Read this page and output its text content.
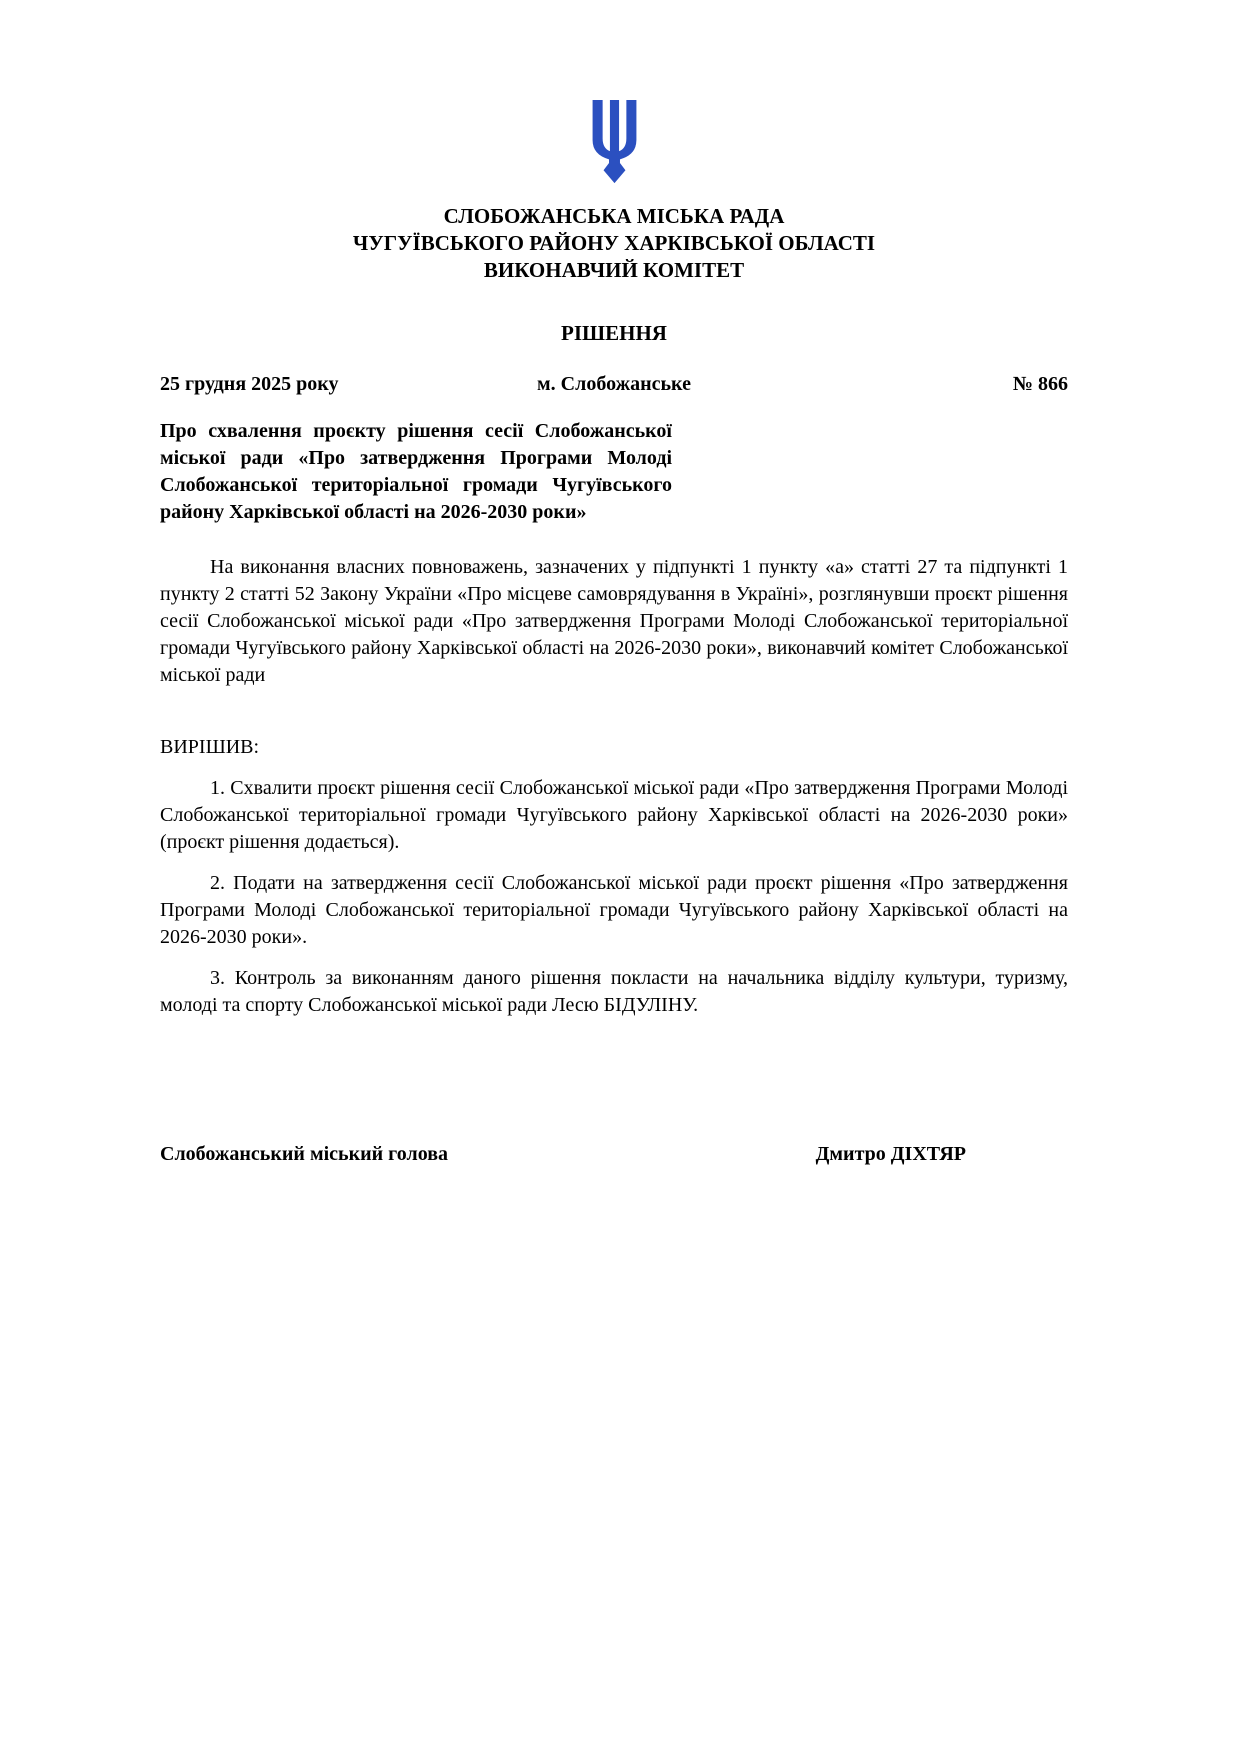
СЛОБОЖАНСЬКА МІСЬКА РАДА
ЧУГУЇВСЬКОГО РАЙОНУ ХАРКІВСЬКОЇ ОБЛАСТІ
ВИКОНАВЧИЙ КОМІТЕТ
РІШЕННЯ
25 грудня 2025 року	м. Слобожанське	№ 866
Про схвалення проєкту рішення сесії Слобожанської міської ради «Про затвердження Програми Молоді Слобожанської територіальної громади Чугуївського району Харківської області на 2026-2030 роки»

На виконання власних повноважень, зазначених у підпункті 1 пункту «а» статті 27 та підпункті 1 пункту 2 статті 52 Закону України «Про місцеве самоврядування в Україні», розглянувши проєкт рішення сесії Слобожанської міської ради «Про затвердження Програми Молоді Слобожанської територіальної громади Чугуївського району Харківської області на 2026-2030 роки», виконавчий комітет Слобожанської міської ради

ВИРІШИВ:

1. Схвалити проєкт рішення сесії Слобожанської міської ради «Про затвердження Програми Молоді Слобожанської територіальної громади Чугуївського району Харківської області на 2026-2030 роки» (проєкт рішення додається).

2. Подати на затвердження сесії Слобожанської міської ради проєкт рішення «Про затвердження Програми Молоді Слобожанської територіальної громади Чугуївського району Харківської області на 2026-2030 роки».

3. Контроль за виконанням даного рішення покласти на начальника відділу культури, туризму, молоді та спорту Слобожанської міської ради Лесю БІДУЛІНУ.

Слобожанський міський голова	Дмитро ДІХТЯР
